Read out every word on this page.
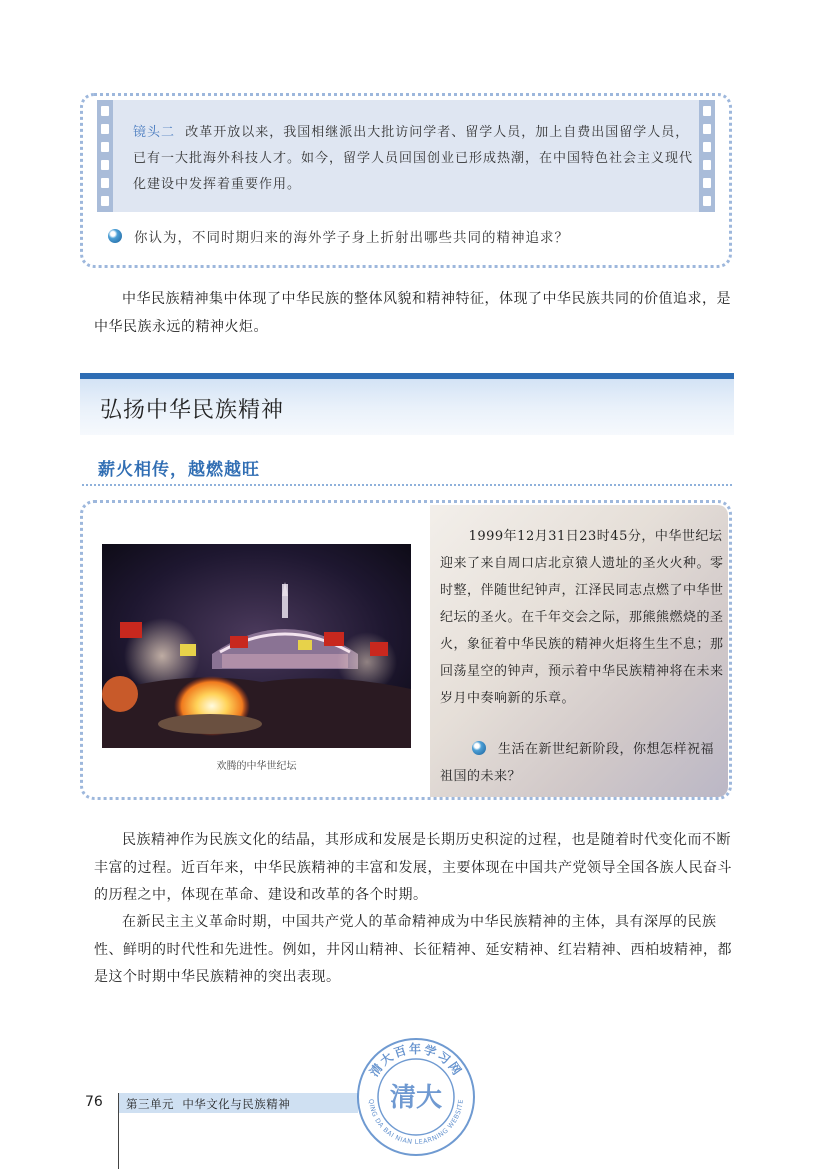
镜头二 改革开放以来，我国相继派出大批访问学者、留学人员，加上自费出国留学人员，已有一大批海外科技人才。如今，留学人员回国创业已形成热潮，在中国特色社会主义现代化建设中发挥着重要作用。
你认为，不同时期归来的海外学子身上折射出哪些共同的精神追求？

中华民族精神集中体现了中华民族的整体风貌和精神特征，体现了中华民族共同的价值追求，是中华民族永远的精神火炬。

弘扬中华民族精神
薪火相传，越燃越旺
欢腾的中华世纪坛
1999年12月31日23时45分，中华世纪坛迎来了来自周口店北京猿人遗址的圣火火种。零时整，伴随世纪钟声，江泽民同志点燃了中华世纪坛的圣火。在千年交会之际，那熊熊燃烧的圣火，象征着中华民族的精神火炬将生生不息；那回荡星空的钟声，预示着中华民族精神将在未来岁月中奏响新的乐章。
生活在新世纪新阶段，你想怎样祝福祖国的未来？

民族精神作为民族文化的结晶，其形成和发展是长期历史积淀的过程，也是随着时代变化而不断丰富的过程。近百年来，中华民族精神的丰富和发展，主要体现在中国共产党领导全国各族人民奋斗的历程之中，体现在革命、建设和改革的各个时期。

在新民主主义革命时期，中国共产党人的革命精神成为中华民族精神的主体，具有深厚的民族性、鲜明的时代性和先进性。例如，井冈山精神、长征精神、延安精神、红岩精神、西柏坡精神，都是这个时期中华民族精神的突出表现。

76 第三单元 中华文化与民族精神
清大百年学习网
QING DA BAI NIAN LEARNING WEBSITE
清大
